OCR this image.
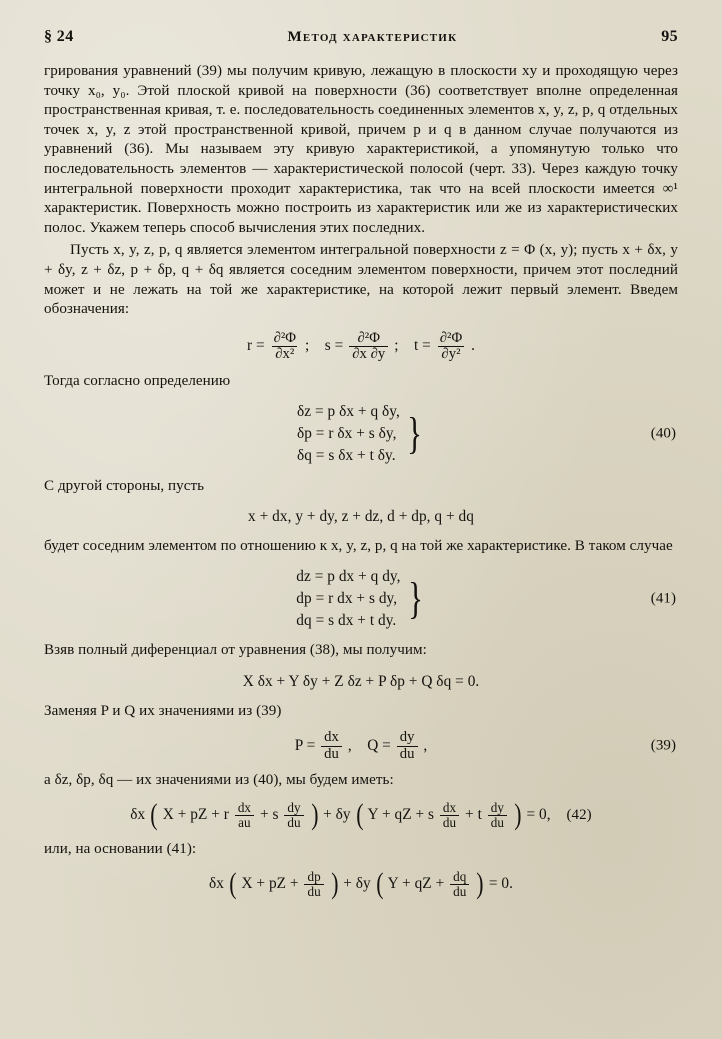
§ 24	Метод характеристик	95

грирования уравнений (39) мы получим кривую, лежащую в плоскости xy и проходящую через точку x₀, y₀. Этой плоской кривой на поверхности (36) соответствует вполне определенная пространственная кривая, т. е. последовательность соединенных элементов x, y, z, p, q отдельных точек x, y, z этой пространственной кривой, причем p и q в данном случае получаются из уравнений (36). Мы называем эту кривую характеристикой, а упомянутую только что последовательность элементов — характеристической полосой (черт. 33). Через каждую точку интегральной поверхности проходит характеристика, так что на всей плоскости имеется ∞¹ характеристик. Поверхность можно построить из характеристик или же из характеристических полос. Укажем теперь способ вычисления этих последних.

Пусть x, y, z, p, q является элементом интегральной поверхности z = Φ (x, y); пусть x + δx, y + δy, z + δz, p + δp, q + δq является соседним элементом поверхности, причем этот последний может и не лежать на той же характеристике, на которой лежит первый элемент. Введем обозначения:

$r = \frac{\text{∂²Φ}}{\text{∂x²}}$ ; $s = \frac{\text{∂²Φ}}{\partial x \partial y}$ ; $t = \frac{\text{∂²Φ}}{\text{∂y²}}$ .

Тогда согласно определению

δz = p δx + q δy,
δp = r δx + s δy,
δq = s δx + t δy. }	(40)

С другой стороны, пусть

x + dx, y + dy, z + dz, d + dp, q + dq

будет соседним элементом по отношению к x, y, z, p, q на той же характеристике. В таком случае

dz = p dx + q dy,
dp = r dx + s dy,
dq = s dx + t dy. }	(41)

Взяв полный диференциал от уравнения (38), мы получим:

X δx + Y δy + Z δz + P δp + Q δq = 0.

Заменяя P и Q их значениями из (39)

$P = \frac{dx}{du}$ , $Q = \frac{dy}{du}$ ,	(39)

а δz, δp, δq — их значениями из (40), мы будем иметь:

δx ( X + pZ + r $\frac{dx}{au} + s \frac{dy}{du}$ ) + δy ( Y + qZ + s $\frac{dx}{du} + t \frac{dy}{du}$ ) = 0, (42)

или, на основании (41):

δx ( X + pZ + $\frac{dp}{du}$ ) + δy ( Y + qZ + $\frac{dq}{du}$ ) = 0.
